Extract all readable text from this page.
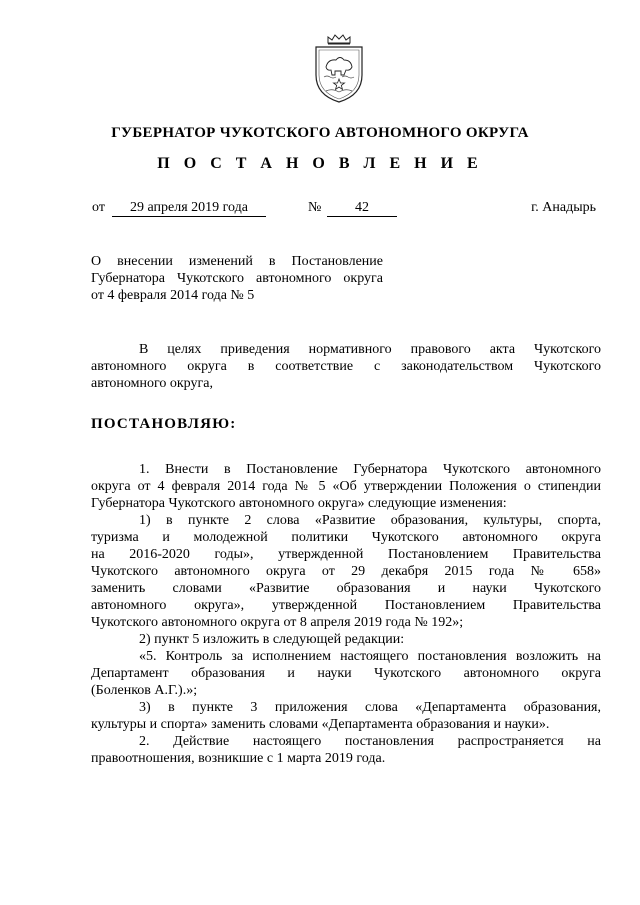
ГУБЕРНАТОР ЧУКОТСКОГО АВТОНОМНОГО ОКРУГА
П О С Т А Н О В Л Е Н И Е
от	29 апреля 2019 года	№	42	г. Анадырь
О внесении изменений в Постановление
Губернатора Чукотского автономного округа
от 4 февраля 2014 года № 5
В целях приведения нормативного правового акта Чукотского
автономного округа в соответствие с законодательством Чукотского
автономного округа,
ПОСТАНОВЛЯЮ:
1. Внести в Постановление Губернатора Чукотского автономного
округа от 4 февраля 2014 года № 5 «Об утверждении Положения о стипендии
Губернатора Чукотского автономного округа» следующие изменения:
1) в пункте 2 слова «Развитие образования, культуры, спорта,
туризма и молодежной политики Чукотского автономного округа
на 2016-2020 годы», утвержденной Постановлением Правительства
Чукотского автономного округа от 29 декабря 2015 года № 658»
заменить словами «Развитие образования и науки Чукотского
автономного округа», утвержденной Постановлением Правительства
Чукотского автономного округа от 8 апреля 2019 года № 192»;
2) пункт 5 изложить в следующей редакции:
«5. Контроль за исполнением настоящего постановления возложить на
Департамент образования и науки Чукотского автономного округа
(Боленков А.Г.).»;
3) в пункте 3 приложения слова «Департамента образования,
культуры и спорта» заменить словами «Департамента образования и науки».
2. Действие настоящего постановления распространяется на
правоотношения, возникшие с 1 марта 2019 года.
